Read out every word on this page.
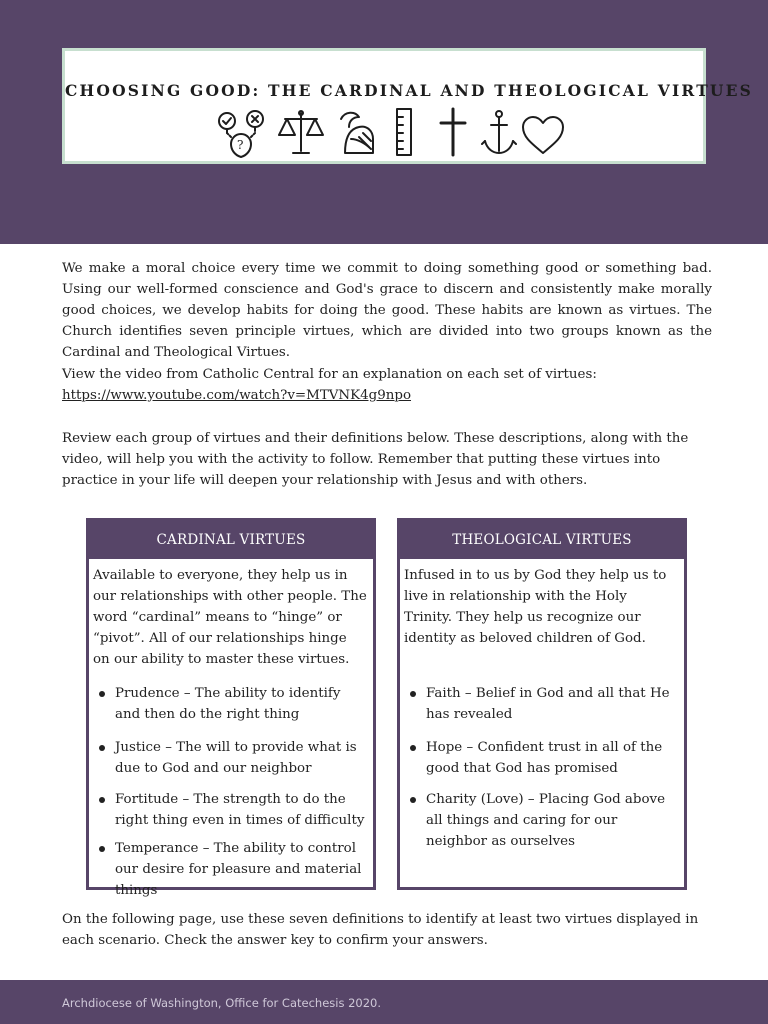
CHOOSING GOOD: THE CARDINAL AND THEOLOGICAL VIRTUES
?
We make a moral choice every time we commit to doing something good or something bad. Using our well-formed conscience and God's grace to discern and consistently make morally good choices, we develop habits for doing the good. These habits are known as virtues. The Church identifies seven principle virtues, which are divided into two groups known as the Cardinal and Theological Virtues.
View the video from Catholic Central for an explanation on each set of virtues:
https://www.youtube.com/watch?v=MTVNK4g9npo
Review each group of virtues and their definitions below. These descriptions, along with the video, will help you with the activity to follow. Remember that putting these virtues into practice in your life will deepen your relationship with Jesus and with others.
CARDINAL VIRTUES
Available to everyone, they help us in our relationships with other people. The word “cardinal” means to “hinge” or “pivot”. All of our relationships hinge on our ability to master these virtues.
Prudence – The ability to identify and then do the right thing
Justice – The will to provide what is due to God and our neighbor
Fortitude – The strength to do the right thing even in times of difficulty
Temperance – The ability to control our desire for pleasure and material things
THEOLOGICAL VIRTUES
Infused in to us by God they help us to live in relationship with the Holy Trinity. They help us recognize our identity as beloved children of God.
Faith – Belief in God and all that He has revealed
Hope – Confident trust in all of the good that God has promised
Charity (Love) – Placing God above all things and caring for our neighbor as ourselves
On the following page, use these seven definitions to identify at least two virtues displayed in each scenario. Check the answer key to confirm your answers.
Archdiocese of Washington, Office for Catechesis 2020.
